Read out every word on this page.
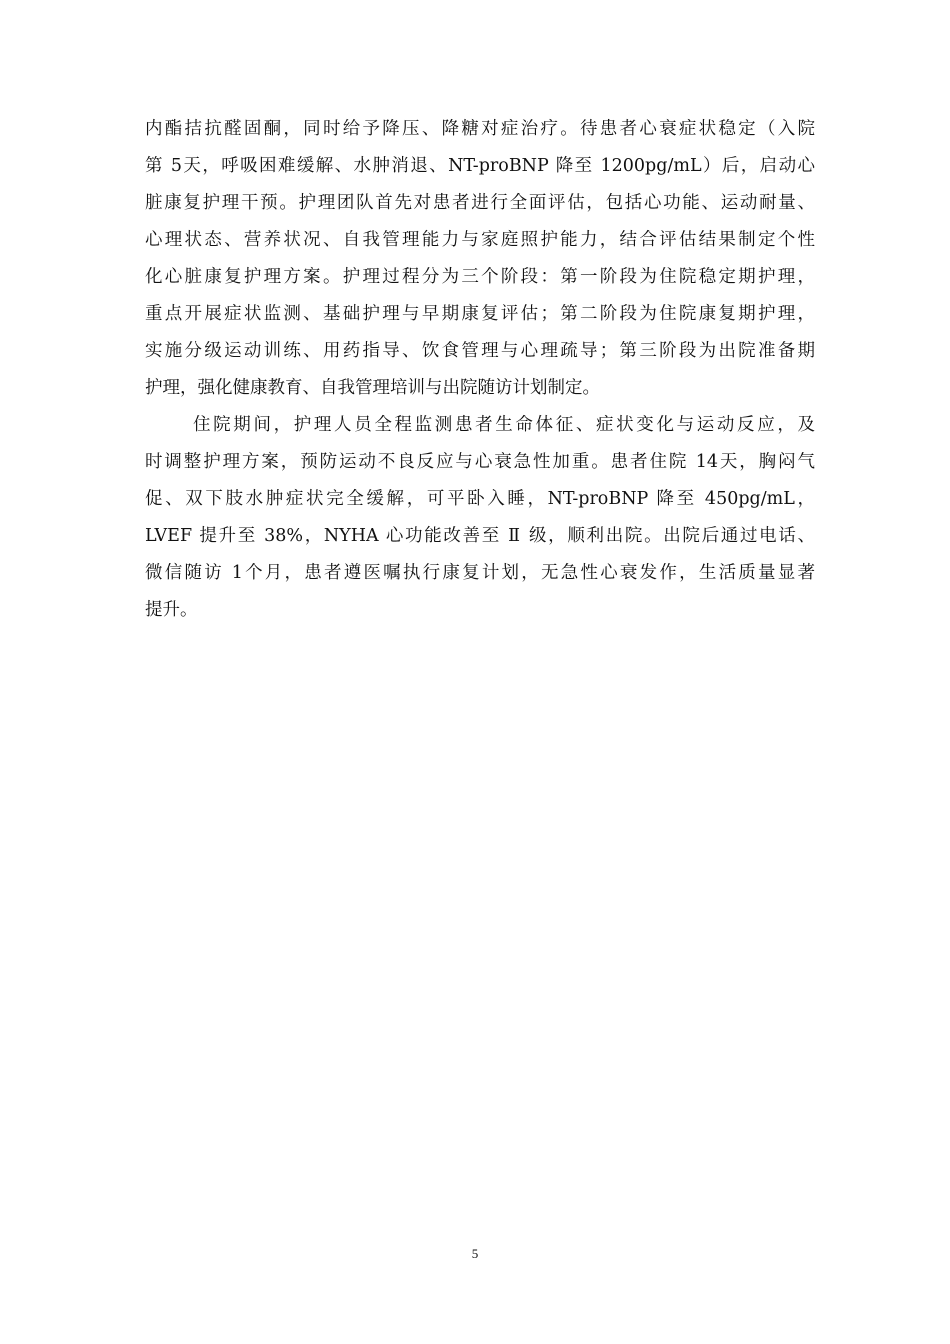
内酯拮抗醛固酮，同时给予降压、降糖对症治疗。待患者心衰症状稳定（入院
第 5天，呼吸困难缓解、水肿消退、NT-proBNP 降至 1200pg/mL）后，启动心
脏康复护理干预。护理团队首先对患者进行全面评估，包括心功能、运动耐量、
心理状态、营养状况、自我管理能力与家庭照护能力，结合评估结果制定个性
化心脏康复护理方案。护理过程分为三个阶段：第一阶段为住院稳定期护理，
重点开展症状监测、基础护理与早期康复评估；第二阶段为住院康复期护理，
实施分级运动训练、用药指导、饮食管理与心理疏导；第三阶段为出院准备期
护理，强化健康教育、自我管理培训与出院随访计划制定。
住院期间，护理人员全程监测患者生命体征、症状变化与运动反应，及
时调整护理方案，预防运动不良反应与心衰急性加重。患者住院 14天，胸闷气
促、双下肢水肿症状完全缓解，可平卧入睡，NT-proBNP 降至 450pg/mL，
LVEF 提升至 38%，NYHA 心功能改善至 Ⅱ 级，顺利出院。出院后通过电话、
微信随访 1个月，患者遵医嘱执行康复计划，无急性心衰发作，生活质量显著
提升。
5
